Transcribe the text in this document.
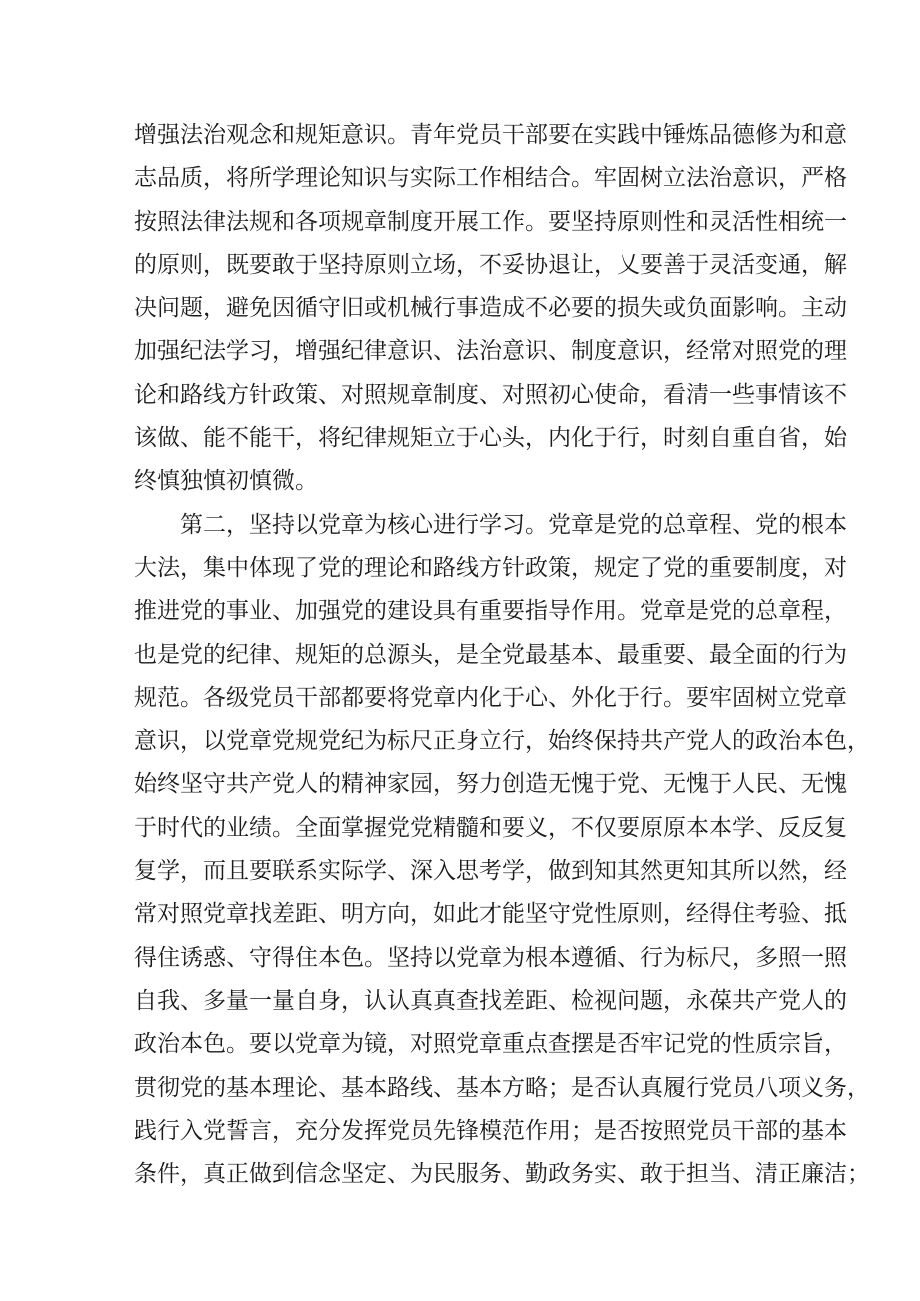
增强法治观念和规矩意识。青年党员干部要在实践中锤炼品德修为和意
志品质，将所学理论知识与实际工作相结合。牢固树立法治意识，严格
按照法律法规和各项规章制度开展工作。要坚持原则性和灵活性相统一
的原则，既要敢于坚持原则立场，不妥协退让，乂要善于灵活变通，解
决问题，避免因循守旧或机械行事造成不必要的损失或负面影响。主动
加强纪法学习，增强纪律意识、法治意识、制度意识，经常对照党的理
论和路线方针政策、对照规章制度、对照初心使命，看清一些事情该不
该做、能不能干，将纪律规矩立于心头，内化于行，时刻自重自省，始
终慎独慎初慎微。
第二，坚持以党章为核心进行学习。党章是党的总章程、党的根本
大法，集中体现了党的理论和路线方针政策，规定了党的重要制度，对
推进党的事业、加强党的建设具有重要指导作用。党章是党的总章程，
也是党的纪律、规矩的总源头，是全党最基本、最重要、最全面的行为
规范。各级党员干部都要将党章内化于心、外化于行。要牢固树立党章
意识，以党章党规党纪为标尺正身立行，始终保持共产党人的政治本色，
始终坚守共产党人的精神家园，努力创造无愧于党、无愧于人民、无愧
于时代的业绩。全面掌握党党精髓和要义，不仅要原原本本学、反反复
复学，而且要联系实际学、深入思考学，做到知其然更知其所以然，经
常对照党章找差距、明方向，如此才能坚守党性原则，经得住考验、抵
得住诱惑、守得住本色。坚持以党章为根本遵循、行为标尺，多照一照
自我、多量一量自身，认认真真查找差距、检视问题，永葆共产党人的
政治本色。要以党章为镜，对照党章重点查摆是否牢记党的性质宗旨，
贯彻党的基本理论、基本路线、基本方略；是否认真履行党员八项义务，
践行入党誓言，充分发挥党员先锋模范作用；是否按照党员干部的基本
条件，真正做到信念坚定、为民服务、勤政务实、敢于担当、清正廉洁；
